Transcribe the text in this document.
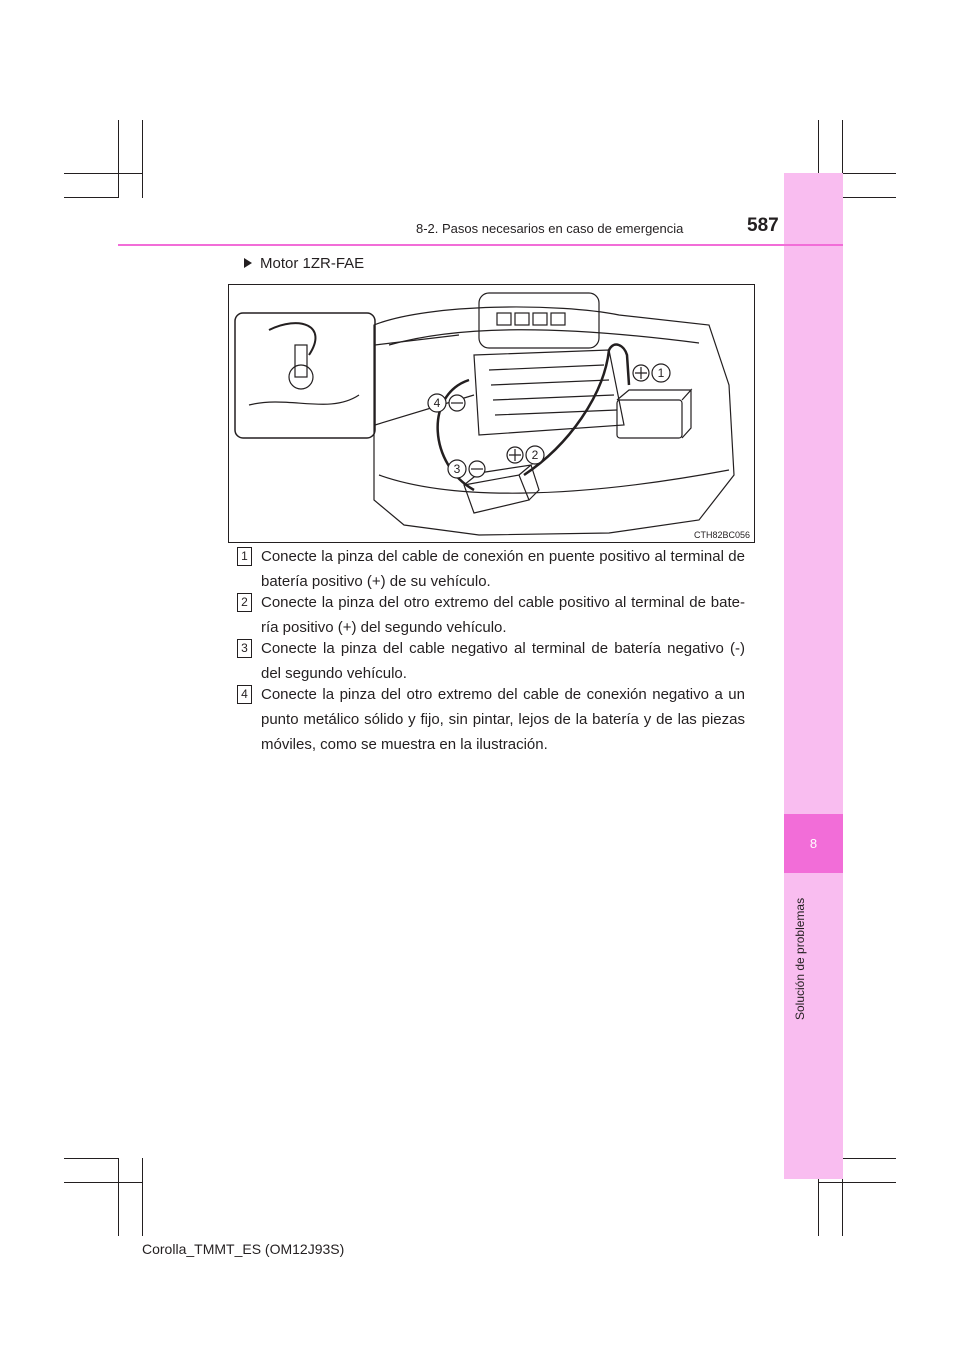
8
Solución de problemas
8-2. Pasos necesarios en caso de emergencia	587
Motor 1ZR-FAE
1
2
3
4
CTH82BC056
1 Conecte la pinza del cable de conexión en puente positivo al terminal de batería positivo (+) de su vehículo.
2 Conecte la pinza del otro extremo del cable positivo al terminal de bate-ría positivo (+) del segundo vehículo.
3 Conecte la pinza del cable negativo al terminal de batería negativo (-) del segundo vehículo.
4 Conecte la pinza del otro extremo del cable de conexión negativo a un punto metálico sólido y fijo, sin pintar, lejos de la batería y de las piezas móviles, como se muestra en la ilustración.
Corolla_TMMT_ES (OM12J93S)
